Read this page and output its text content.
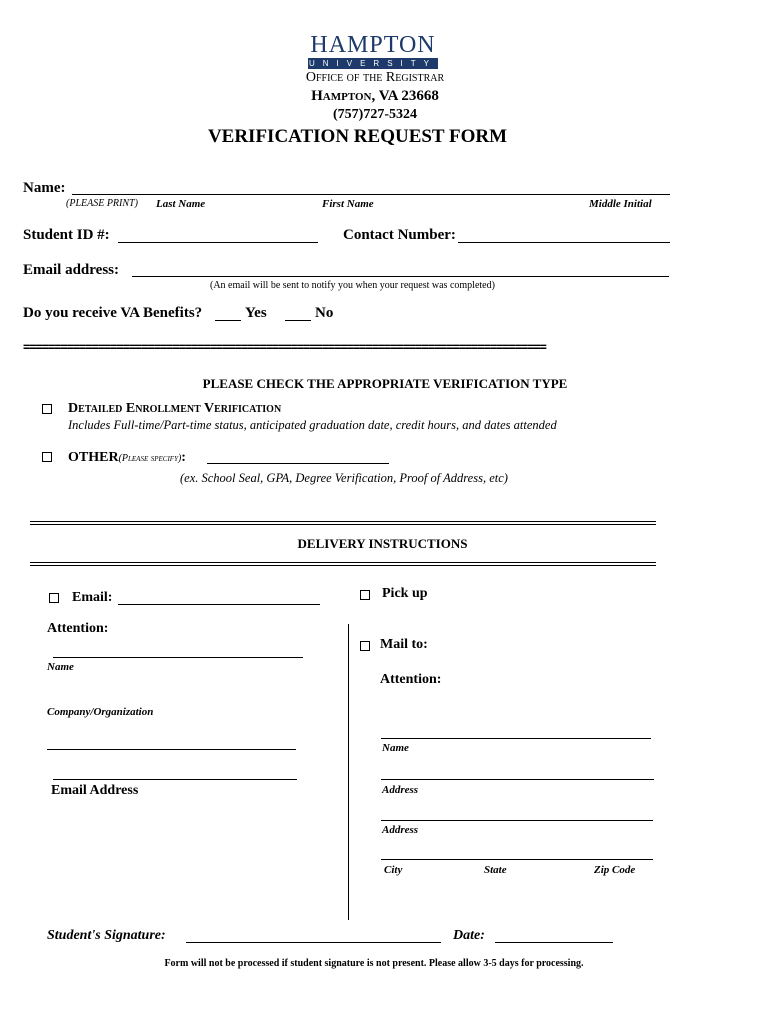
HAMPTON
UNIVERSITY
Office of the Registrar
Hampton, VA 23668
(757)727-5324
VERIFICATION REQUEST FORM
Name:
(PLEASE PRINT) Last Name	First Name	Middle Initial
Student ID #:	Contact Number:
Email address:
(An email will be sent to notify you when your request was completed)
Do you receive VA Benefits?	Yes	No
====================================================================================
PLEASE CHECK THE APPROPRIATE VERIFICATION TYPE
Detailed Enrollment Verification
Includes Full-time/Part-time status, anticipated graduation date, credit hours, and dates attended
OTHER(Please specify):
(ex. School Seal, GPA, Degree Verification, Proof of Address, etc)
DELIVERY INSTRUCTIONS
Email:
Attention:
Name
Company/Organization
Email Address
Pick up
Mail to:
Attention:
Name
Address
Address
City	State	Zip Code
Student's Signature:	Date:
Form will not be processed if student signature is not present. Please allow 3-5 days for processing.
